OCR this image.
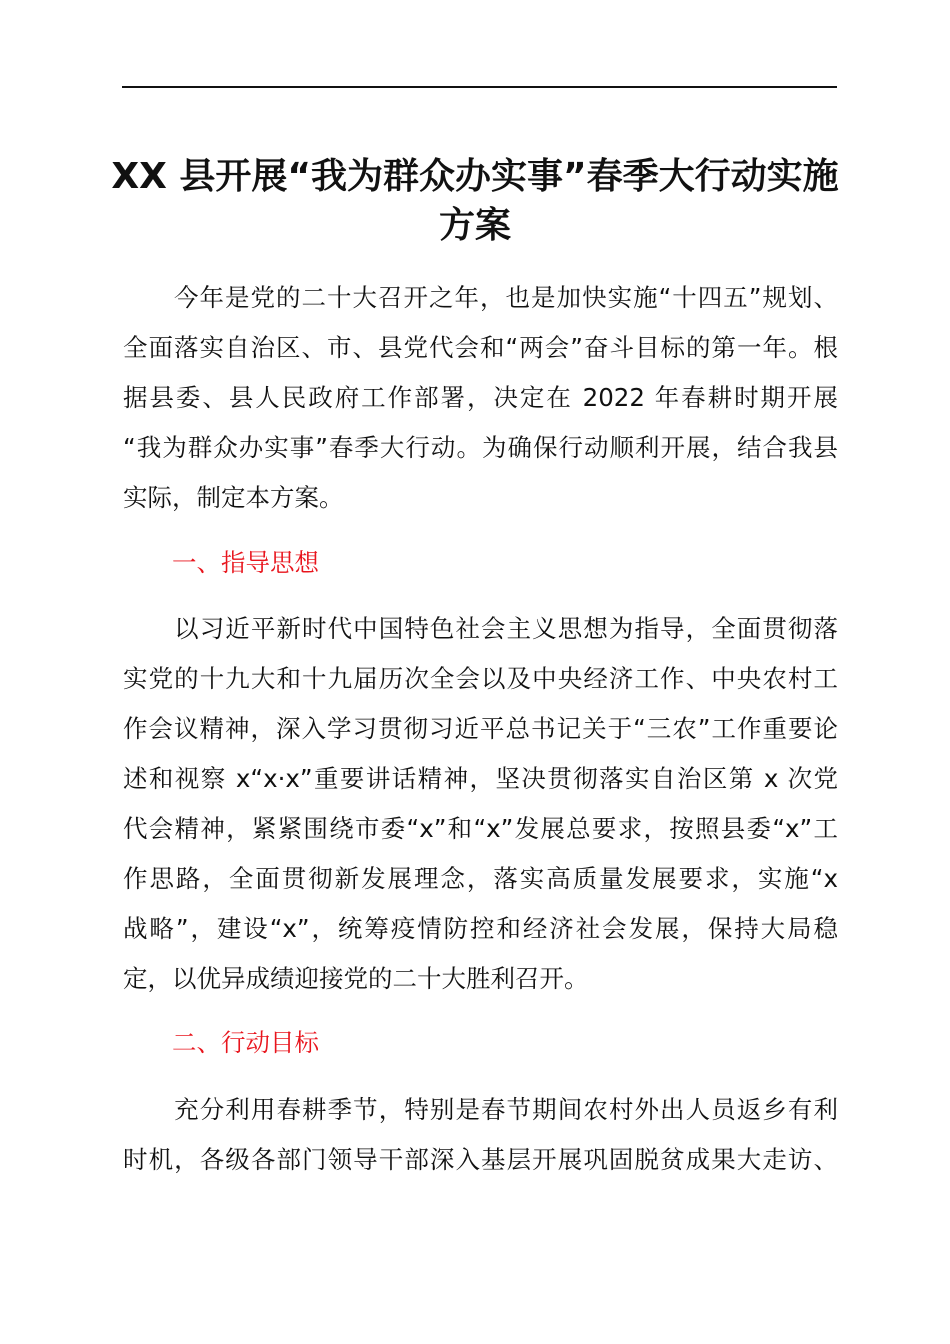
XX 县开展“我为群众办实事”春季大行动实施
方案
　　今年是党的二十大召开之年，也是加快实施“十四五”规划、
全面落实自治区、市、县党代会和“两会”奋斗目标的第一年。根
据县委、县人民政府工作部署，决定在 2022 年春耕时期开展
“我为群众办实事”春季大行动。为确保行动顺利开展，结合我县
实际，制定本方案。
　　一、指导思想
　　以习近平新时代中国特色社会主义思想为指导，全面贯彻落
实党的十九大和十九届历次全会以及中央经济工作、中央农村工
作会议精神，深入学习贯彻习近平总书记关于“三农”工作重要论
述和视察 x“x·x”重要讲话精神，坚决贯彻落实自治区第 x 次党
代会精神，紧紧围绕市委“x”和“x”发展总要求，按照县委“x”工
作思路，全面贯彻新发展理念，落实高质量发展要求，实施“x
战略”，建设“x”，统筹疫情防控和经济社会发展，保持大局稳
定，以优异成绩迎接党的二十大胜利召开。
　　二、行动目标
　　充分利用春耕季节，特别是春节期间农村外出人员返乡有利
时机，各级各部门领导干部深入基层开展巩固脱贫成果大走访、
